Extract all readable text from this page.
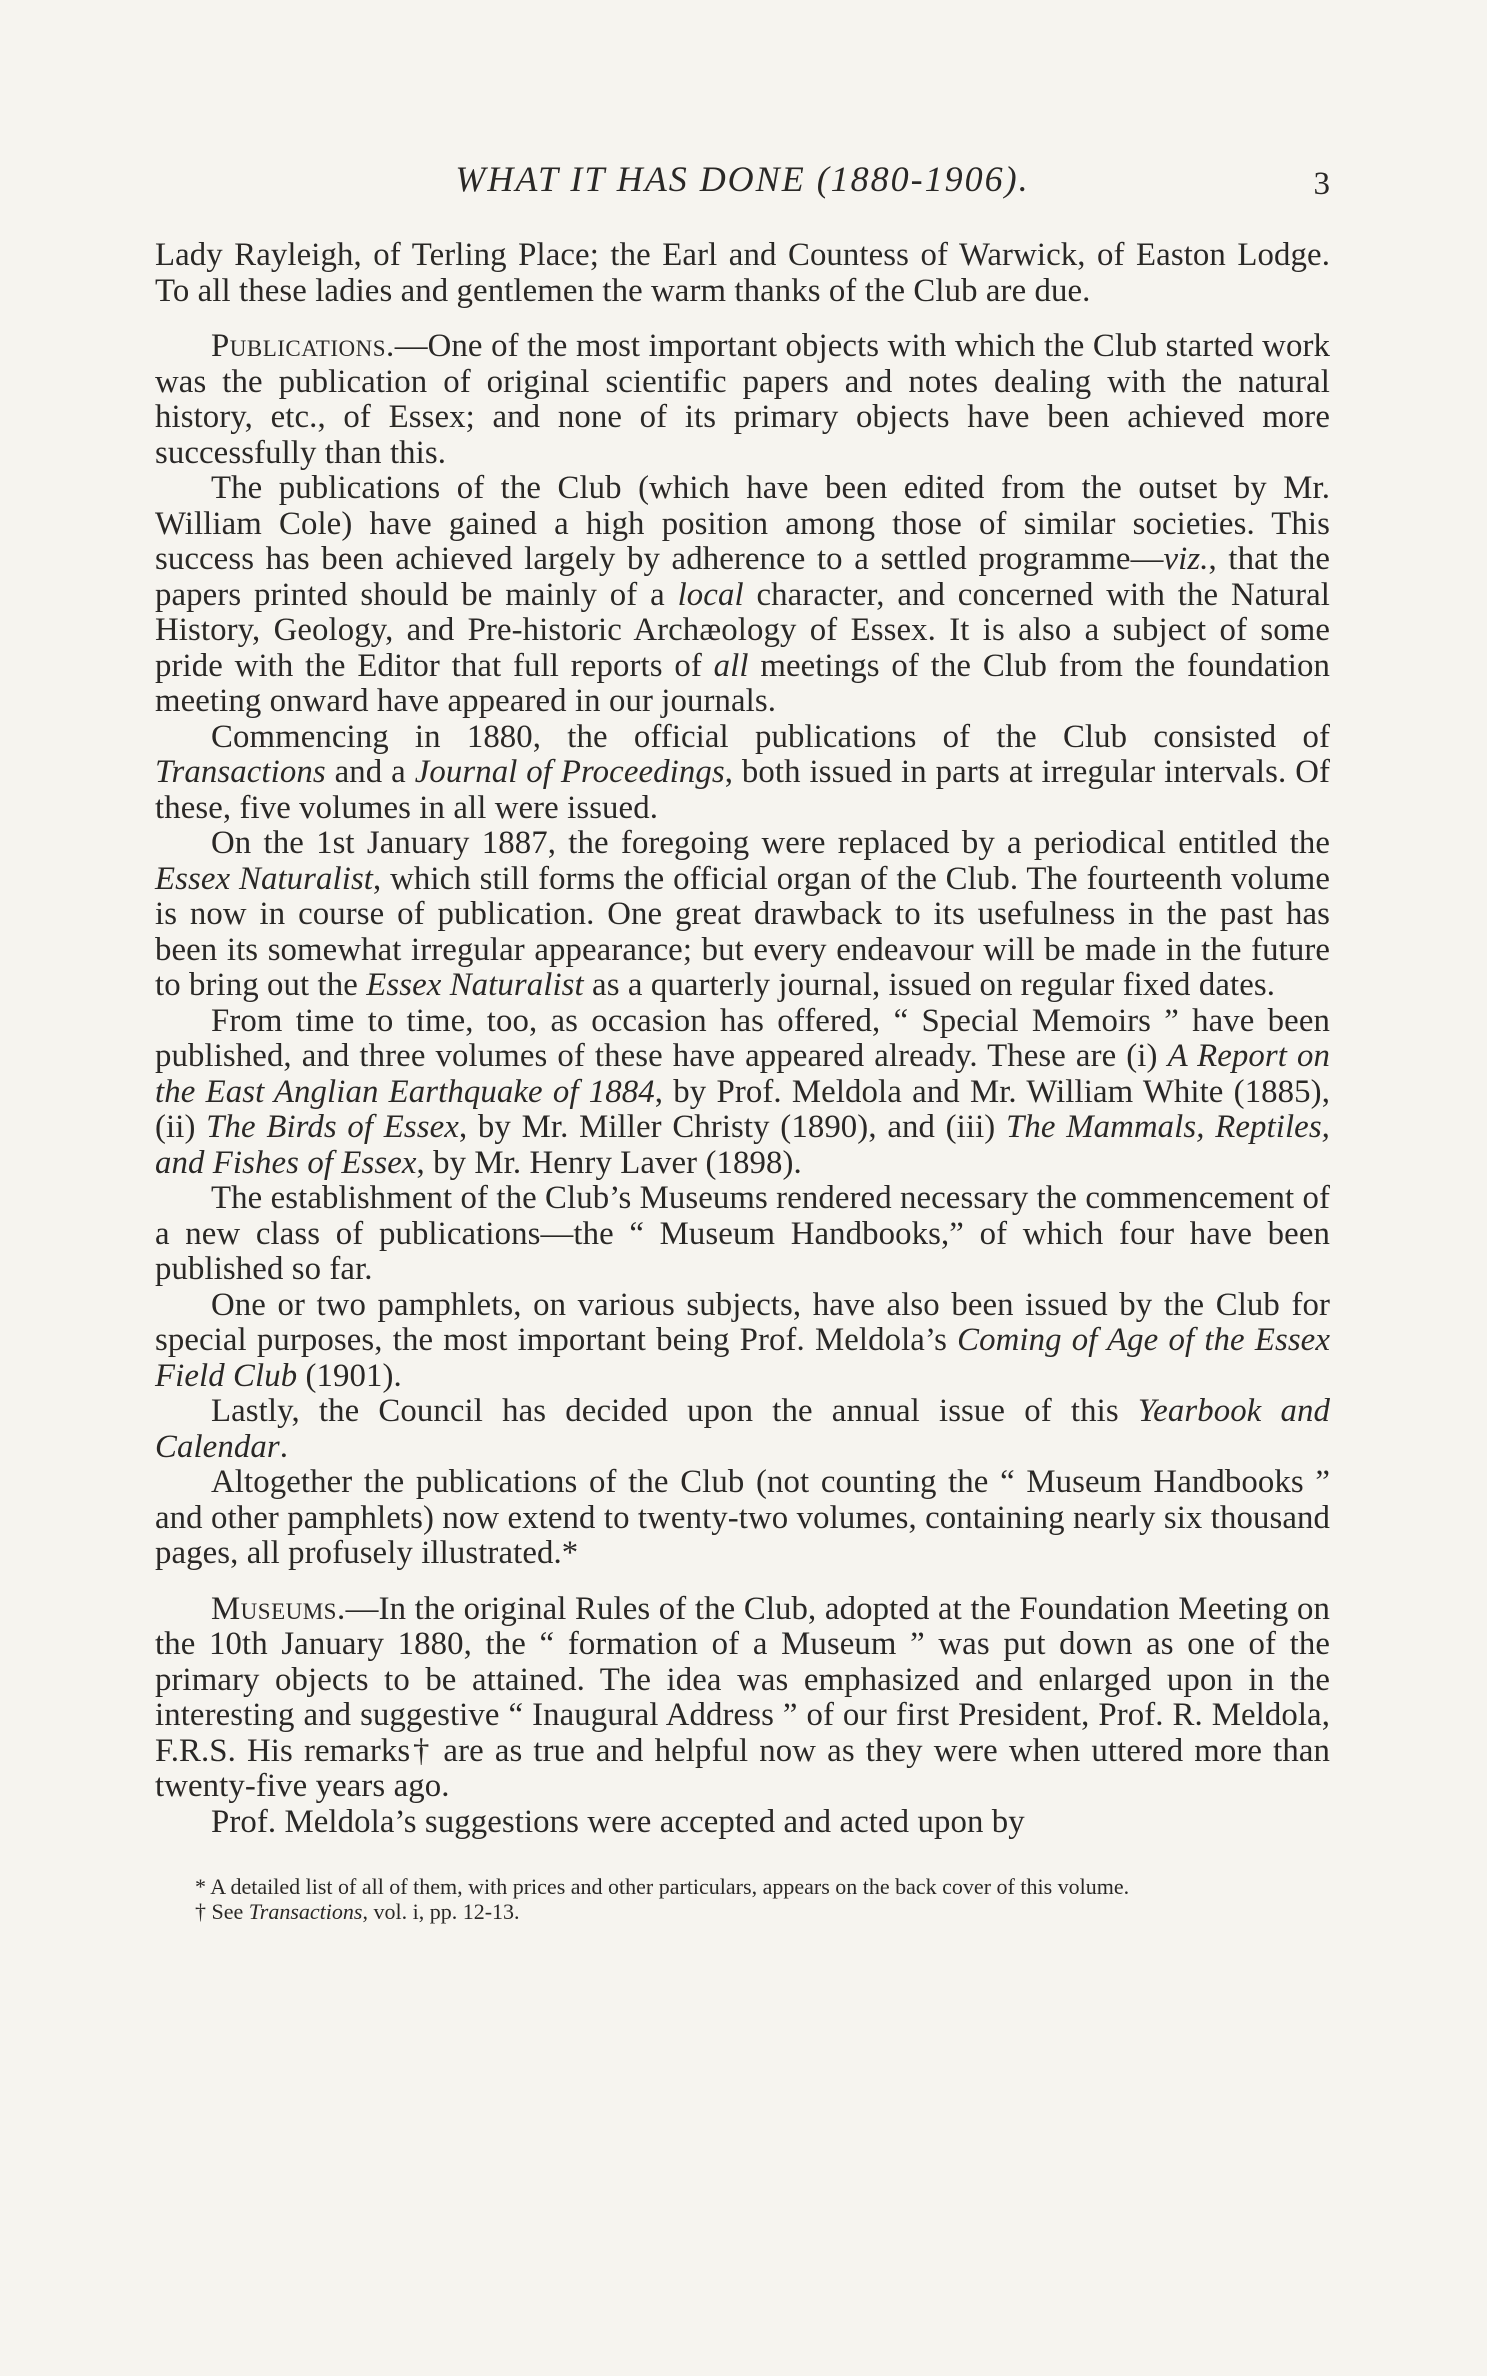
WHAT IT HAS DONE (1880-1906).	3

Lady Rayleigh, of Terling Place; the Earl and Countess of Warwick, of Easton Lodge. To all these ladies and gentlemen the warm thanks of the Club are due.

Publications.—One of the most important objects with which the Club started work was the publication of original scientific papers and notes dealing with the natural history, etc., of Essex; and none of its primary objects have been achieved more successfully than this.

The publications of the Club (which have been edited from the outset by Mr. William Cole) have gained a high position among those of similar societies. This success has been achieved largely by adherence to a settled programme—viz., that the papers printed should be mainly of a local character, and concerned with the Natural History, Geology, and Pre-historic Archæology of Essex. It is also a subject of some pride with the Editor that full reports of all meetings of the Club from the foundation meeting onward have appeared in our journals.

Commencing in 1880, the official publications of the Club consisted of Transactions and a Journal of Proceedings, both issued in parts at irregular intervals. Of these, five volumes in all were issued.

On the 1st January 1887, the foregoing were replaced by a periodical entitled the Essex Naturalist, which still forms the official organ of the Club. The fourteenth volume is now in course of publication. One great drawback to its usefulness in the past has been its somewhat irregular appearance; but every endeavour will be made in the future to bring out the Essex Naturalist as a quarterly journal, issued on regular fixed dates.

From time to time, too, as occasion has offered, “ Special Memoirs ” have been published, and three volumes of these have appeared already. These are (i) A Report on the East Anglian Earthquake of 1884, by Prof. Meldola and Mr. William White (1885), (ii) The Birds of Essex, by Mr. Miller Christy (1890), and (iii) The Mammals, Reptiles, and Fishes of Essex, by Mr. Henry Laver (1898).

The establishment of the Club’s Museums rendered necessary the commencement of a new class of publications—the “ Museum Handbooks,” of which four have been published so far.

One or two pamphlets, on various subjects, have also been issued by the Club for special purposes, the most important being Prof. Meldola’s Coming of Age of the Essex Field Club (1901).

Lastly, the Council has decided upon the annual issue of this Yearbook and Calendar.

Altogether the publications of the Club (not counting the “ Museum Handbooks ” and other pamphlets) now extend to twenty-two volumes, containing nearly six thousand pages, all profusely illustrated.*

Museums.—In the original Rules of the Club, adopted at the Foundation Meeting on the 10th January 1880, the “ formation of a Museum ” was put down as one of the primary objects to be attained. The idea was emphasized and enlarged upon in the interesting and suggestive “ Inaugural Address ” of our first President, Prof. R. Meldola, F.R.S. His remarks† are as true and helpful now as they were when uttered more than twenty-five years ago.

Prof. Meldola’s suggestions were accepted and acted upon by

* A detailed list of all of them, with prices and other particulars, appears on the back cover of this volume.

† See Transactions, vol. i, pp. 12-13.
